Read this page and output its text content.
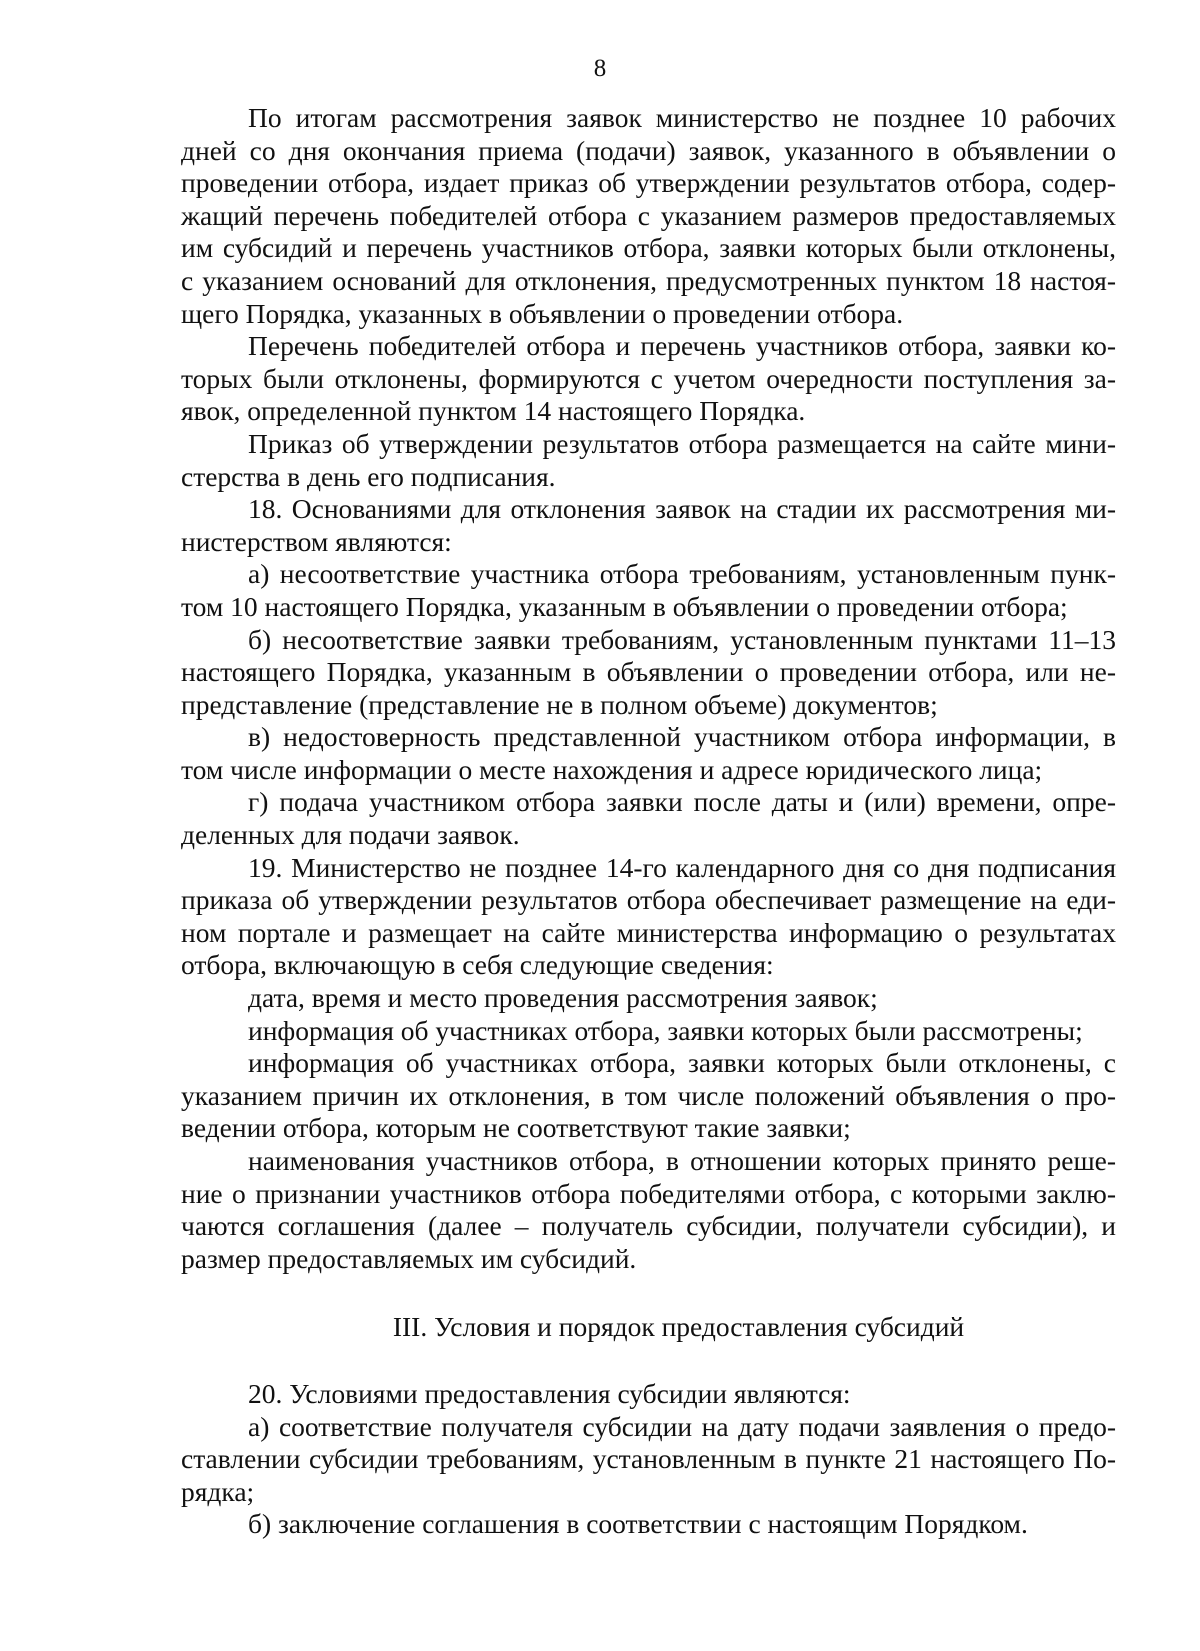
8
По итогам рассмотрения заявок министерство не позднее 10 рабочих
дней со дня окончания приема (подачи) заявок, указанного в объявлении о
проведении отбора, издает приказ об утверждении результатов отбора, содер-
жащий перечень победителей отбора с указанием размеров предоставляемых
им субсидий и перечень участников отбора, заявки которых были отклонены,
с указанием оснований для отклонения, предусмотренных пунктом 18 настоя-
щего Порядка, указанных в объявлении о проведении отбора.
Перечень победителей отбора и перечень участников отбора, заявки ко-
торых были отклонены, формируются с учетом очередности поступления за-
явок, определенной пунктом 14 настоящего Порядка.
Приказ об утверждении результатов отбора размещается на сайте мини-
стерства в день его подписания.
18. Основаниями для отклонения заявок на стадии их рассмотрения ми-
нистерством являются:
а) несоответствие участника отбора требованиям, установленным пунк-
том 10 настоящего Порядка, указанным в объявлении о проведении отбора;
б) несоответствие заявки требованиям, установленным пунктами 11–13
настоящего Порядка, указанным в объявлении о проведении отбора, или не-
представление (представление не в полном объеме) документов;
в) недостоверность представленной участником отбора информации, в
том числе информации о месте нахождения и адресе юридического лица;
г) подача участником отбора заявки после даты и (или) времени, опре-
деленных для подачи заявок.
19. Министерство не позднее 14-го календарного дня со дня подписания
приказа об утверждении результатов отбора обеспечивает размещение на еди-
ном портале и размещает на сайте министерства информацию о результатах
отбора, включающую в себя следующие сведения:
дата, время и место проведения рассмотрения заявок;
информация об участниках отбора, заявки которых были рассмотрены;
информация об участниках отбора, заявки которых были отклонены, с
указанием причин их отклонения, в том числе положений объявления о про-
ведении отбора, которым не соответствуют такие заявки;
наименования участников отбора, в отношении которых принято реше-
ние о признании участников отбора победителями отбора, с которыми заклю-
чаются соглашения (далее – получатель субсидии, получатели субсидии), и
размер предоставляемых им субсидий.
III. Условия и порядок предоставления субсидий
20. Условиями предоставления субсидии являются:
а) соответствие получателя субсидии на дату подачи заявления о предо-
ставлении субсидии требованиям, установленным в пункте 21 настоящего По-
рядка;
б) заключение соглашения в соответствии с настоящим Порядком.
